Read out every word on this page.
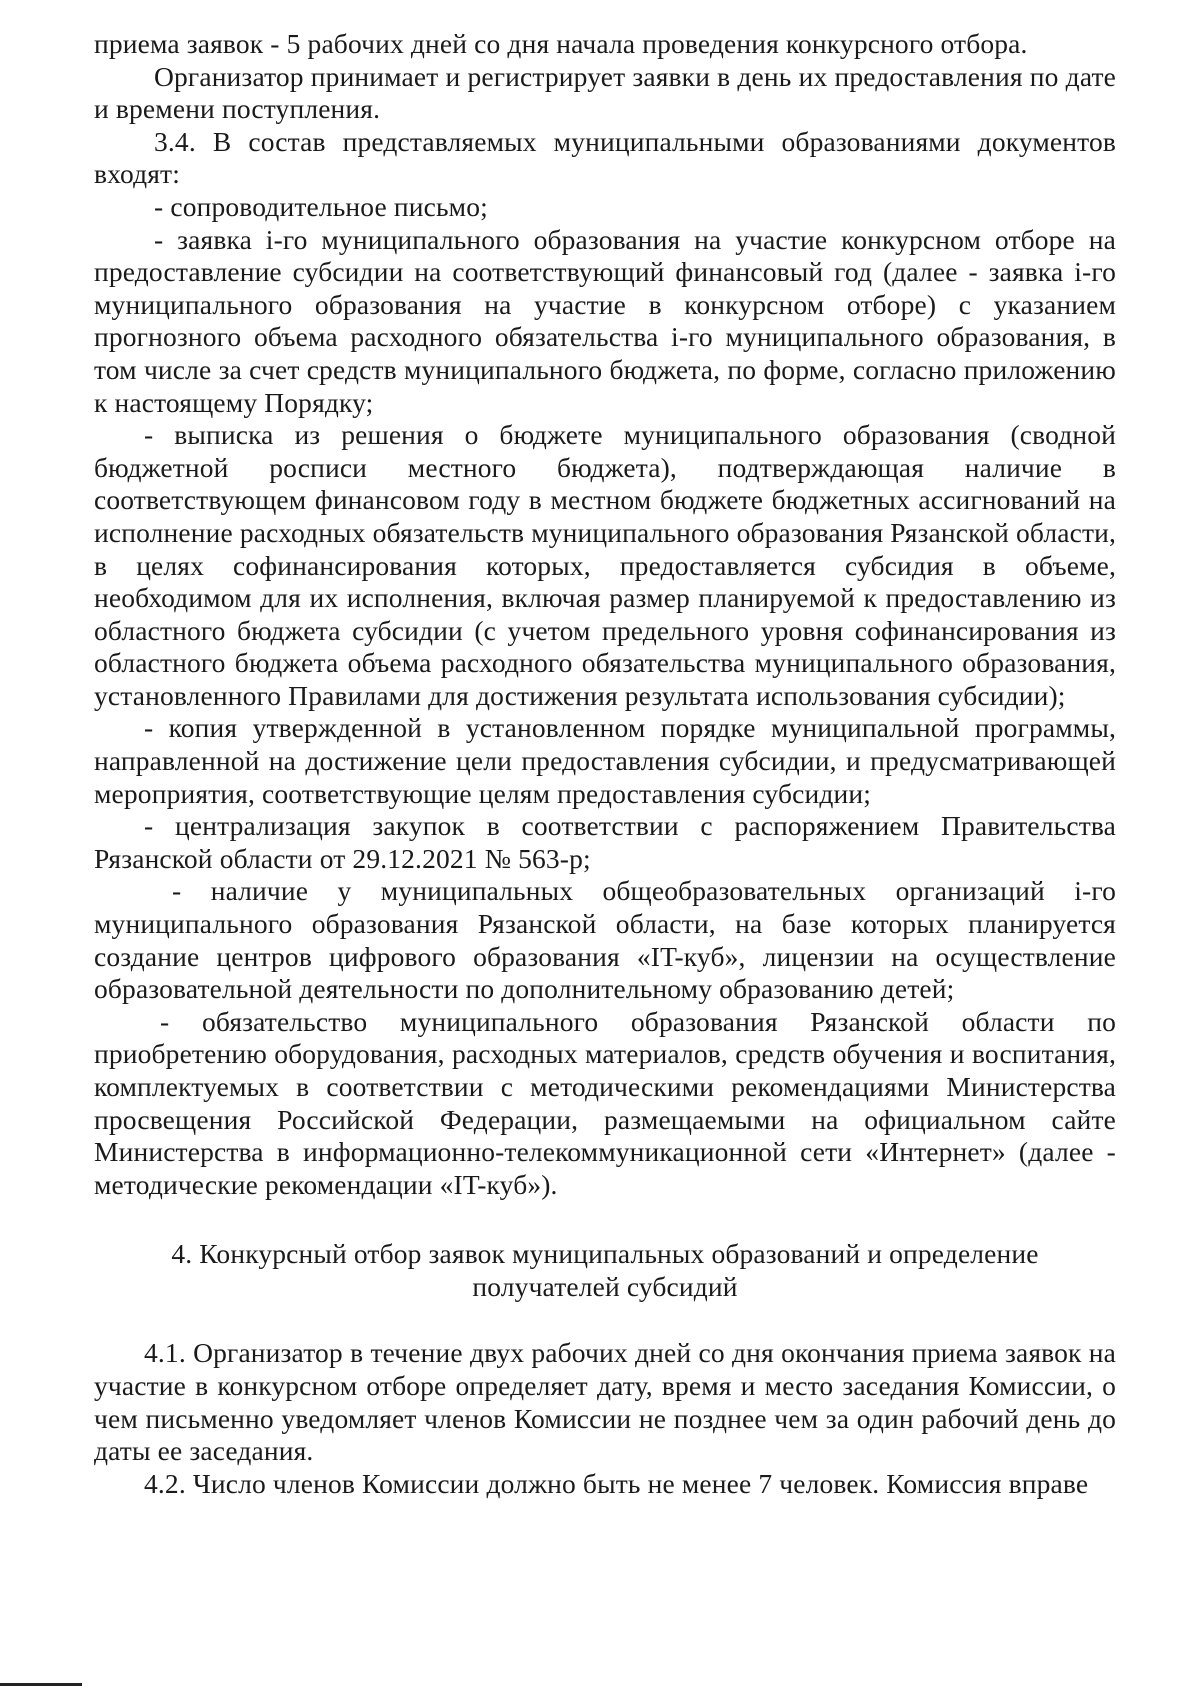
приема заявок - 5 рабочих дней со дня начала проведения конкурсного отбора.

Организатор принимает и регистрирует заявки в день их предоставления по дате и времени поступления.

3.4. В состав представляемых муниципальными образованиями документов входят:

- сопроводительное письмо;

- заявка i-го муниципального образования на участие конкурсном отборе на предоставление субсидии на соответствующий финансовый год (далее - заявка i-го муниципального образования на участие в конкурсном отборе) с указанием прогнозного объема расходного обязательства i-го муниципального образования, в том числе за счет средств муниципального бюджета, по форме, согласно приложению к настоящему Порядку;

- выписка из решения о бюджете муниципального образования (сводной бюджетной росписи местного бюджета), подтверждающая наличие в соответствующем финансовом году в местном бюджете бюджетных ассигнований на исполнение расходных обязательств муниципального образования Рязанской области, в целях софинансирования которых, предоставляется субсидия в объеме, необходимом для их исполнения, включая размер планируемой к предоставлению из областного бюджета субсидии (с учетом предельного уровня софинансирования из областного бюджета объема расходного обязательства муниципального образования, установленного Правилами для достижения результата использования субсидии);

- копия утвержденной в установленном порядке муниципальной программы, направленной на достижение цели предоставления субсидии, и предусматривающей мероприятия, соответствующие целям предоставления субсидии;

- централизация закупок в соответствии с распоряжением Правительства Рязанской области от 29.12.2021 № 563-р;

- наличие у муниципальных общеобразовательных организаций i-го муниципального образования Рязанской области, на базе которых планируется создание центров цифрового образования «IT-куб», лицензии на осуществление образовательной деятельности по дополнительному образованию детей;

- обязательство муниципального образования Рязанской области по приобретению оборудования, расходных материалов, средств обучения и воспитания, комплектуемых в соответствии с методическими рекомендациями Министерства просвещения Российской Федерации, размещаемыми на официальном сайте Министерства в информационно-телекоммуникационной сети «Интернет» (далее - методические рекомендации «IT-куб»).

4. Конкурсный отбор заявок муниципальных образований и определение
получателей субсидий

4.1. Организатор в течение двух рабочих дней со дня окончания приема заявок на участие в конкурсном отборе определяет дату, время и место заседания Комиссии, о чем письменно уведомляет членов Комиссии не позднее чем за один рабочий день до даты ее заседания.

4.2. Число членов Комиссии должно быть не менее 7 человек. Комиссия вправе
